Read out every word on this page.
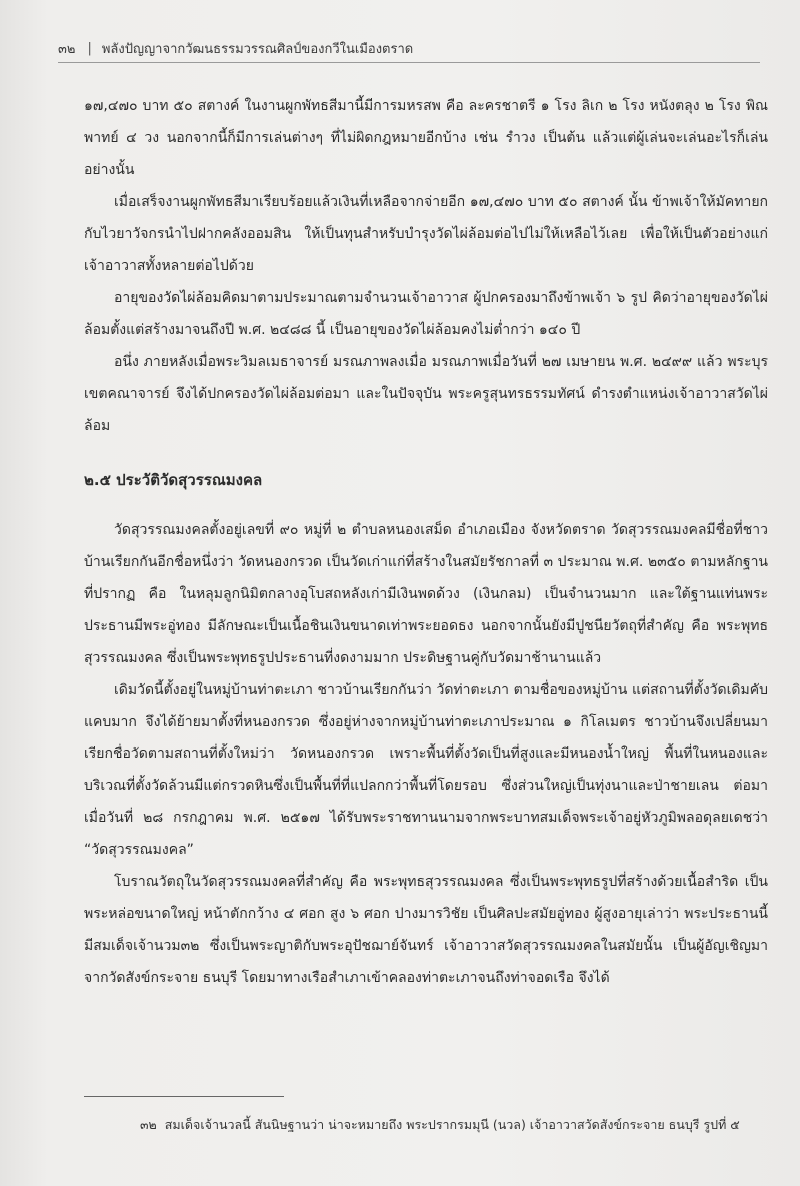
๓๒ | พลังปัญญาจากวัฒนธรรมวรรณศิลป์ของกวีในเมืองตราด

๑๗,๔๗๐ บาท ๕๐ สตางค์ ในงานผูกพัทธสีมานี้มีการมหรสพ คือ ละครชาตรี ๑ โรง ลิเก ๒ โรง หนังตลุง ๒ โรง พิณพาทย์ ๔ วง นอกจากนี้ก็มีการเล่นต่างๆ ที่ไม่ผิดกฎหมายอีกบ้าง เช่น รำวง เป็นต้น แล้วแต่ผู้เล่นจะเล่นอะไรก็เล่นอย่างนั้น

เมื่อเสร็จงานผูกพัทธสีมาเรียบร้อยแล้วเงินที่เหลือจากจ่ายอีก ๑๗,๔๗๐ บาท ๕๐ สตางค์ นั้น ข้าพเจ้าให้มัคทายกกับไวยาวัจกรนำไปฝากคลังออมสิน ให้เป็นทุนสำหรับบำรุงวัดไผ่ล้อมต่อไปไม่ให้เหลือไว้เลย เพื่อให้เป็นตัวอย่างแก่เจ้าอาวาสทั้งหลายต่อไปด้วย

อายุของวัดไผ่ล้อมคิดมาตามประมาณตามจำนวนเจ้าอาวาส ผู้ปกครองมาถึงข้าพเจ้า ๖ รูป คิดว่าอายุของวัดไผ่ล้อมตั้งแต่สร้างมาจนถึงปี พ.ศ. ๒๔๘๘ นี้ เป็นอายุของวัดไผ่ล้อมคงไม่ต่ำกว่า ๑๔๐ ปี

อนึ่ง ภายหลังเมื่อพระวิมลเมธาจารย์ มรณภาพลงเมื่อ มรณภาพเมื่อวันที่ ๒๗ เมษายน พ.ศ. ๒๔๙๙ แล้ว พระบุรเขตคณาจารย์ จึงได้ปกครองวัดไผ่ล้อมต่อมา และในปัจจุบัน พระครูสุนทรธรรมทัศน์ ดำรงตำแหน่งเจ้าอาวาสวัดไผ่ล้อม

๒.๕ ประวัติวัดสุวรรณมงคล

วัดสุวรรณมงคลตั้งอยู่เลขที่ ๙๐ หมู่ที่ ๒ ตำบลหนองเสม็ด อำเภอเมือง จังหวัดตราด วัดสุวรรณมงคลมีชื่อที่ชาวบ้านเรียกกันอีกชื่อหนึ่งว่า วัดหนองกรวด เป็นวัดเก่าแก่ที่สร้างในสมัยรัชกาลที่ ๓ ประมาณ พ.ศ. ๒๓๕๐ ตามหลักฐานที่ปรากฏ คือ ในหลุมลูกนิมิตกลางอุโบสถหลังเก่ามีเงินพดด้วง (เงินกลม) เป็นจำนวนมาก และใต้ฐานแท่นพระประธานมีพระอู่ทอง มีลักษณะเป็นเนื้อชินเงินขนาดเท่าพระยอดธง นอกจากนั้นยังมีปูชนียวัตถุที่สำคัญ คือ พระพุทธสุวรรณมงคล ซึ่งเป็นพระพุทธรูปประธานที่งดงามมาก ประดิษฐานคู่กับวัดมาช้านานแล้ว

เดิมวัดนี้ตั้งอยู่ในหมู่บ้านท่าตะเภา ชาวบ้านเรียกกันว่า วัดท่าตะเภา ตามชื่อของหมู่บ้าน แต่สถานที่ตั้งวัดเดิมคับแคบมาก จึงได้ย้ายมาตั้งที่หนองกรวด ซึ่งอยู่ห่างจากหมู่บ้านท่าตะเภาประมาณ ๑ กิโลเมตร ชาวบ้านจึงเปลี่ยนมาเรียกชื่อวัดตามสถานที่ตั้งใหม่ว่า วัดหนองกรวด เพราะพื้นที่ตั้งวัดเป็นที่สูงและมีหนองน้ำใหญ่ พื้นที่ในหนองและบริเวณที่ตั้งวัดล้วนมีแต่กรวดหินซึ่งเป็นพื้นที่ที่แปลกกว่าพื้นที่โดยรอบ ซึ่งส่วนใหญ่เป็นทุ่งนาและป่าชายเลน ต่อมาเมื่อวันที่ ๒๘ กรกฎาคม พ.ศ. ๒๕๑๗ ได้รับพระราชทานนามจากพระบาทสมเด็จพระเจ้าอยู่หัวภูมิพลอดุลยเดชว่า “วัดสุวรรณมงคล”

โบราณวัตถุในวัดสุวรรณมงคลที่สำคัญ คือ พระพุทธสุวรรณมงคล ซึ่งเป็นพระพุทธรูปที่สร้างด้วยเนื้อสำริด เป็นพระหล่อขนาดใหญ่ หน้าตักกว้าง ๔ ศอก สูง ๖ ศอก ปางมารวิชัย เป็นศิลปะสมัยอู่ทอง ผู้สูงอายุเล่าว่า พระประธานนี้มีสมเด็จเจ้านวม๓๒ ซึ่งเป็นพระญาติกับพระอุปัชฌาย์จันทร์ เจ้าอาวาสวัดสุวรรณมงคลในสมัยนั้น เป็นผู้อัญเชิญมาจากวัดสังข์กระจาย ธนบุรี โดยมาทางเรือสำเภาเข้าคลองท่าตะเภาจนถึงท่าจอดเรือ จึงได้

๓๒ สมเด็จเจ้านวลนี้ สันนิษฐานว่า น่าจะหมายถึง พระปรากรมมุนี (นวล) เจ้าอาวาสวัดสังข์กระจาย ธนบุรี รูปที่ ๕
